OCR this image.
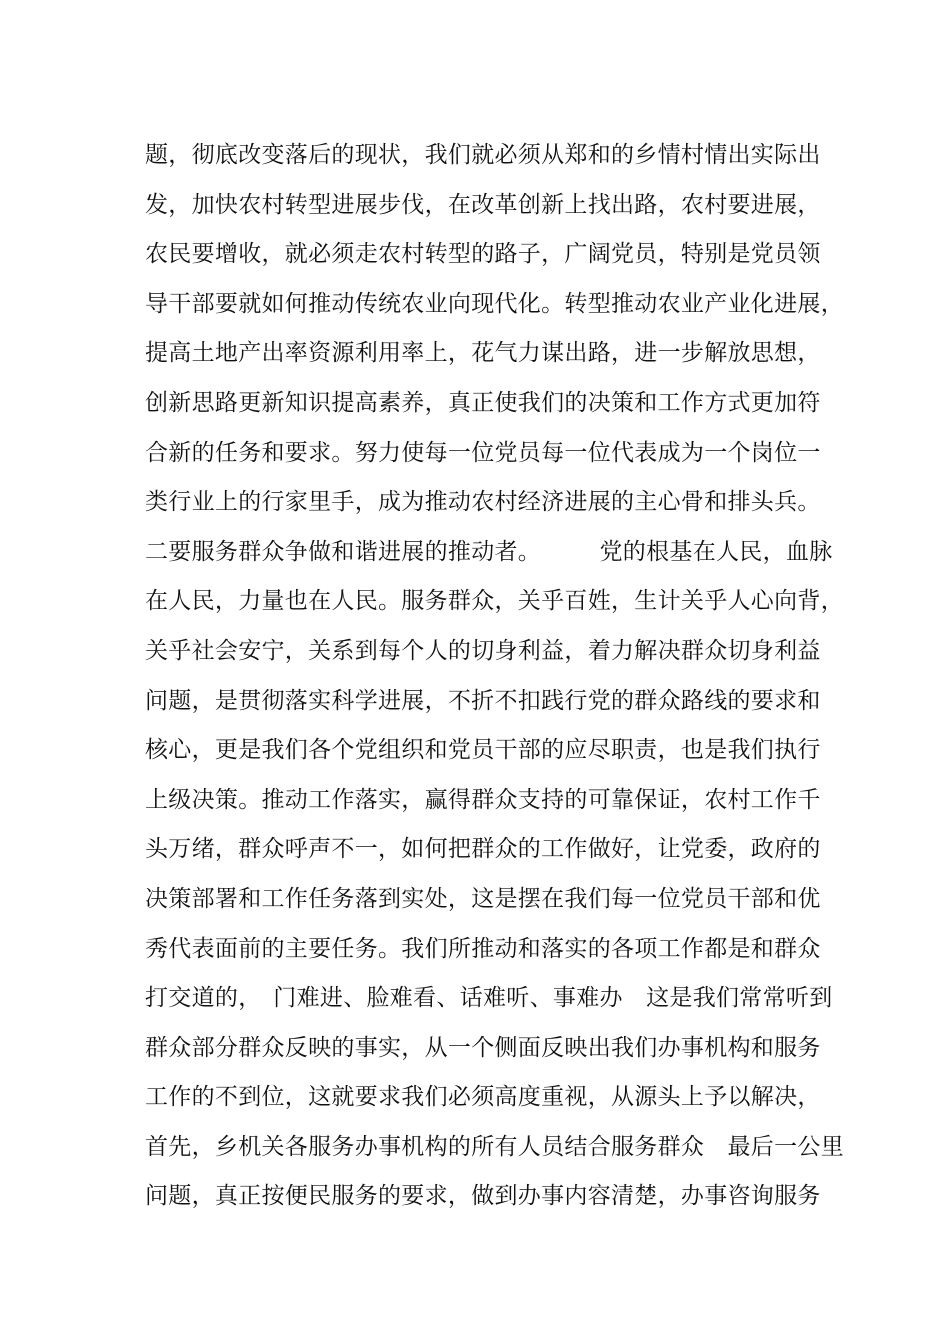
题，彻底改变落后的现状，我们就必须从郑和的乡情村情出实际出
发，加快农村转型进展步伐，在改革创新上找出路，农村要进展，
农民要增收，就必须走农村转型的路子，广阔党员，特别是党员领
导干部要就如何推动传统农业向现代化。转型推动农业产业化进展，
提高土地产出率资源利用率上，花气力谋出路，进一步解放思想，
创新思路更新知识提高素养，真正使我们的决策和工作方式更加符
合新的任务和要求。努力使每一位党员每一位代表成为一个岗位一
类行业上的行家里手，成为推动农村经济进展的主心骨和排头兵。
二要服务群众争做和谐进展的推动者。　　　党的根基在人民，血脉
在人民，力量也在人民。服务群众，关乎百姓，生计关乎人心向背，
关乎社会安宁，关系到每个人的切身利益，着力解决群众切身利益
问题，是贯彻落实科学进展，不折不扣践行党的群众路线的要求和
核心，更是我们各个党组织和党员干部的应尽职责，也是我们执行
上级决策。推动工作落实，赢得群众支持的可靠保证，农村工作千
头万绪，群众呼声不一，如何把群众的工作做好，让党委，政府的
决策部署和工作任务落到实处，这是摆在我们每一位党员干部和优
秀代表面前的主要任务。我们所推动和落实的各项工作都是和群众
打交道的，　门难进、脸难看、话难听、事难办　这是我们常常听到
群众部分群众反映的事实，从一个侧面反映出我们办事机构和服务
工作的不到位，这就要求我们必须高度重视，从源头上予以解决，
首先，乡机关各服务办事机构的所有人员结合服务群众　最后一公里
问题，真正按便民服务的要求，做到办事内容清楚，办事咨询服务
